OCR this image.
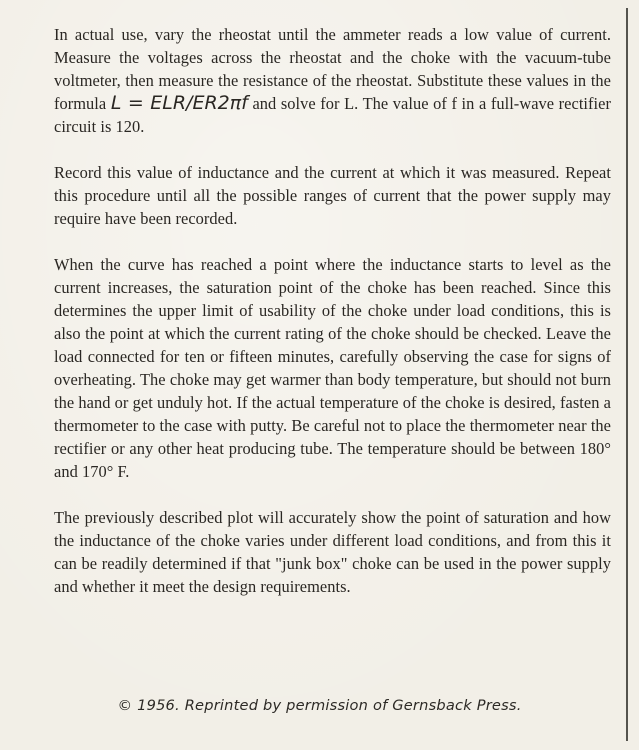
In actual use, vary the rheostat until the ammeter reads a low value of current. Measure the voltages across the rheostat and the choke with the vacuum-tube voltmeter, then measure the resistance of the rheostat. Substitute these values in the formula L = ELR/ER2πf and solve for L. The value of f in a full-wave rectifier circuit is 120.

Record this value of inductance and the current at which it was measured. Repeat this procedure until all the possible ranges of current that the power supply may require have been recorded.

When the curve has reached a point where the inductance starts to level as the current increases, the saturation point of the choke has been reached. Since this determines the upper limit of usability of the choke under load conditions, this is also the point at which the current rating of the choke should be checked. Leave the load connected for ten or fifteen minutes, carefully observing the case for signs of overheating. The choke may get warmer than body temperature, but should not burn the hand or get unduly hot. If the actual temperature of the choke is desired, fasten a thermometer to the case with putty. Be careful not to place the thermometer near the rectifier or any other heat producing tube. The temperature should be between 180° and 170° F.

The previously described plot will accurately show the point of saturation and how the inductance of the choke varies under different load conditions, and from this it can be readily determined if that "junk box" choke can be used in the power supply and whether it meet the design requirements.

© 1956. Reprinted by permission of Gernsback Press.
